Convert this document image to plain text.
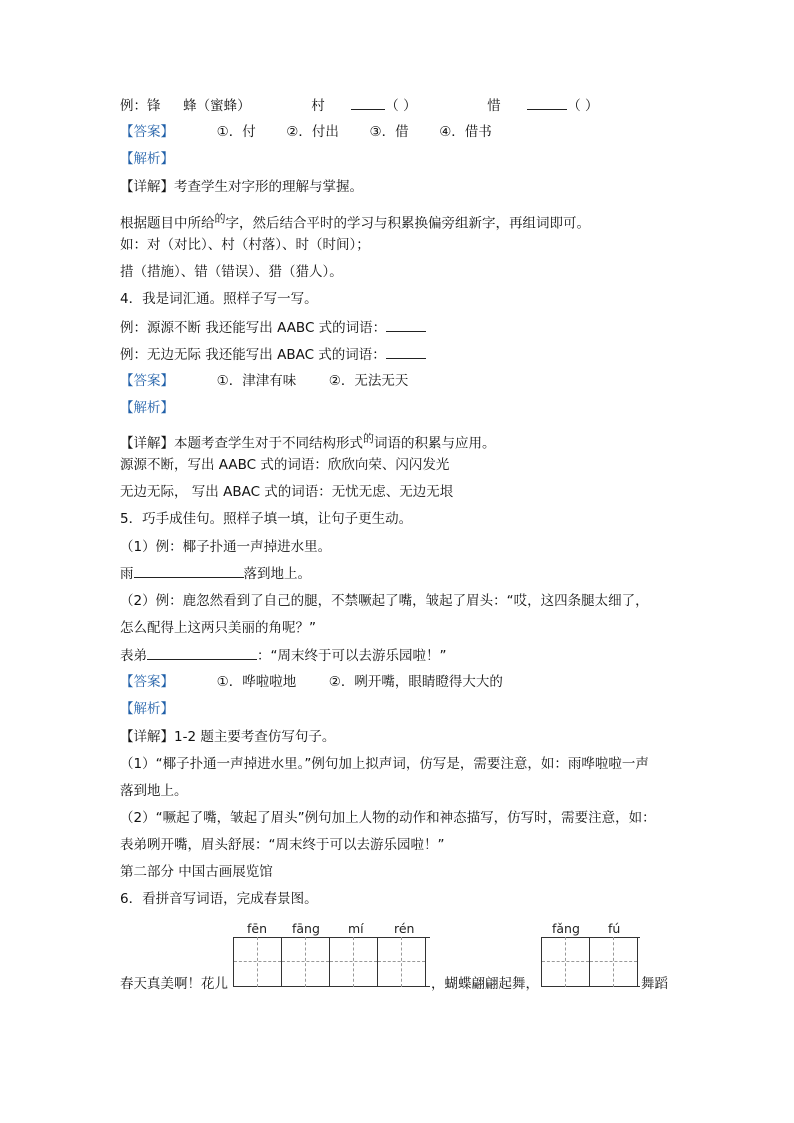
例：锋 蜂（蜜蜂）	村	（ ）	惜	（ ）
【答案】	①．付 ②．付出 ③．借 ④．借书
【解析】
【详解】考查学生对字形的理解与掌握。
根据题目中所给$^的$字，然后结合平时的学习与积累换偏旁组新字，再组词即可。
如：对（对比）、村（村落）、时（时间）；
措（措施）、错（错误）、猎（猎人）。
4．我是词汇通。照样子写一写。
例：源源不断 我还能写出 AABC 式的词语：
例：无边无际 我还能写出 ABAC 式的词语：
【答案】	①．津津有味 ②．无法无天
【解析】
【详解】本题考查学生对于不同结构形式$^的$词语的积累与应用。
源源不断，写出 AABC 式的词语：欣欣向荣、闪闪发光
无边无际， 写出 ABAC 式的词语：无忧无虑、无边无垠
5．巧手成佳句。照样子填一填，让句子更生动。
（1）例：椰子扑通一声掉进水里。
雨	落到地上。
（2）例：鹿忽然看到了自己的腿，不禁噘起了嘴，皱起了眉头：“哎，这四条腿太细了，
怎么配得上这两只美丽的角呢？”
表弟	：“周末终于可以去游乐园啦！”
【答案】	①．哗啦啦地 ②．咧开嘴，眼睛瞪得大大的
【解析】
【详解】1-2 题主要考查仿写句子。
（1）“椰子扑通一声掉进水里。”例句加上拟声词，仿写是，需要注意，如：雨哗啦啦一声
落到地上。
（2）“噘起了嘴，皱起了眉头”例句加上人物的动作和神态描写，仿写时，需要注意，如：
表弟咧开嘴，眉头舒展：“周末终于可以去游乐园啦！”
第二部分 中国古画展览馆
6．看拼音写词语，完成春景图。
fēn fāng mí rén	fǎng fú
春天真美啊！花儿	，蝴蝶翩翩起舞，	舞蹈
